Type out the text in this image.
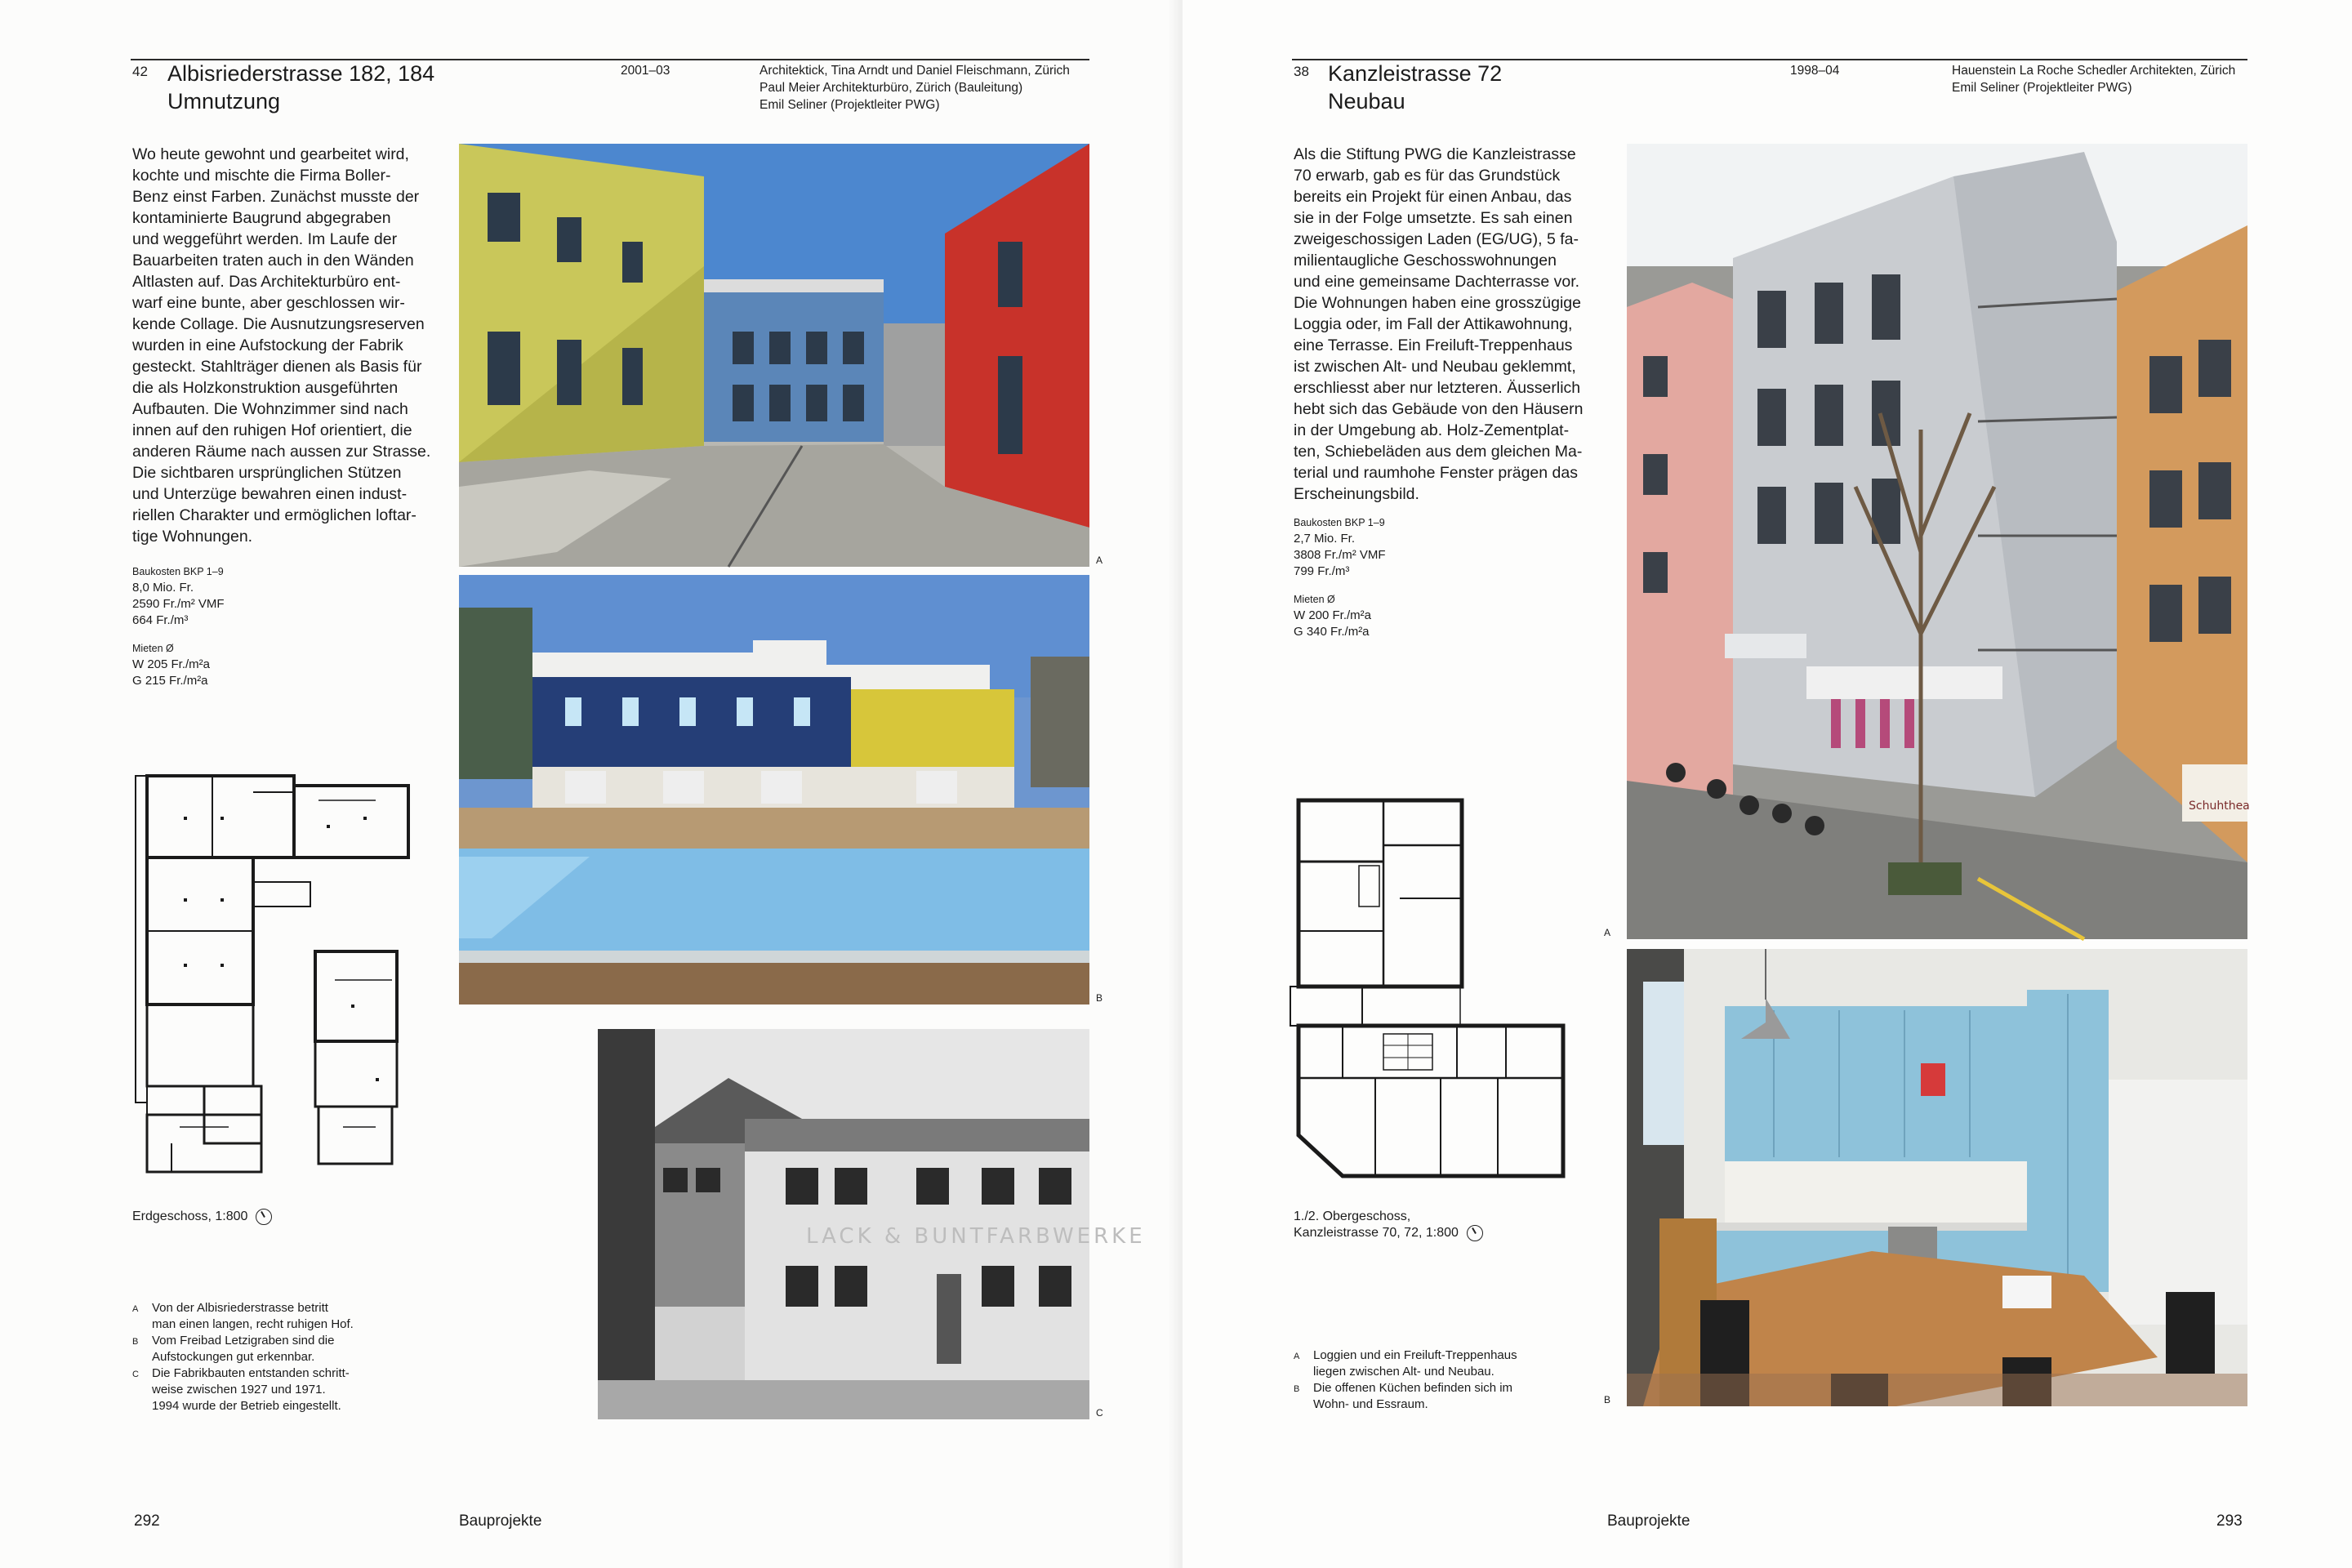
42 Albisriederstrasse 182, 184
Umnutzung
2001–03	Architektick, Tina Arndt und Daniel Fleischmann, Zürich
Paul Meier Architekturbüro, Zürich (Bauleitung)
Emil Seliner (Projektleiter PWG)

Wo heute gewohnt und gearbeitet wird,

kochte und mischte die Firma Boller-

Benz einst Farben. Zunächst musste der

kontaminierte Baugrund abgegraben

und weggeführt werden. Im Laufe der

Bauarbeiten traten auch in den Wänden

Altlasten auf. Das Architekturbüro ent-

warf eine bunte, aber geschlossen wir-

kende Collage. Die Ausnutzungsreserven

wurden in eine Aufstockung der Fabrik

gesteckt. Stahlträger dienen als Basis für

die als Holzkonstruktion ausgeführten

Aufbauten. Die Wohnzimmer sind nach

innen auf den ruhigen Hof orientiert, die

anderen Räume nach aussen zur Strasse.

Die sichtbaren ursprünglichen Stützen

und Unterzüge bewahren einen indust-

riellen Charakter und ermöglichen loftar-

tige Wohnungen.

Baukosten BKP 1–9
8,0 Mio. Fr.
2590 Fr./m² VMF
664 Fr./m³
Mieten Ø
W 205 Fr./m²a
G 215 Fr./m²a
Erdgeschoss, 1:800
A	Von der Albisriederstrasse betritt
man einen langen, recht ruhigen Hof.
B	Vom Freibad Letzigraben sind die
Aufstockungen gut erkennbar.
C	Die Fabrikbauten entstanden schritt-
weise zwischen 1927 und 1971.
1994 wurde der Betrieb eingestellt.
A
B
LACK & BUNTFARBWERKE
C
292	Bauprojekte
38 Kanzleistrasse 72
Neubau
1998–04	Hauenstein La Roche Schedler Architekten, Zürich
Emil Seliner (Projektleiter PWG)

Als die Stiftung PWG die Kanzleistrasse

70 erwarb, gab es für das Grundstück

bereits ein Projekt für einen Anbau, das

sie in der Folge umsetzte. Es sah einen

zweigeschossigen Laden (EG/UG), 5 fa-

milientaugliche Geschosswohnungen

und eine gemeinsame Dachterrasse vor.

Die Wohnungen haben eine grosszügige

Loggia oder, im Fall der Attikawohnung,

eine Terrasse. Ein Freiluft-Treppenhaus

ist zwischen Alt- und Neubau geklemmt,

erschliesst aber nur letzteren. Äusserlich

hebt sich das Gebäude von den Häusern

in der Umgebung ab. Holz-Zementplat-

ten, Schiebeläden aus dem gleichen Ma-

terial und raumhohe Fenster prägen das

Erscheinungsbild.

Baukosten BKP 1–9
2,7 Mio. Fr.
3808 Fr./m² VMF
799 Fr./m³
Mieten Ø
W 200 Fr./m²a
G 340 Fr./m²a
1./2. Obergeschoss,
Kanzleistrasse 70, 72, 1:800
A	Loggien und ein Freiluft-Treppenhaus
liegen zwischen Alt- und Neubau.
B	Die offenen Küchen befinden sich im
Wohn- und Essraum.
Schuhthea
A
B
Bauprojekte	293
